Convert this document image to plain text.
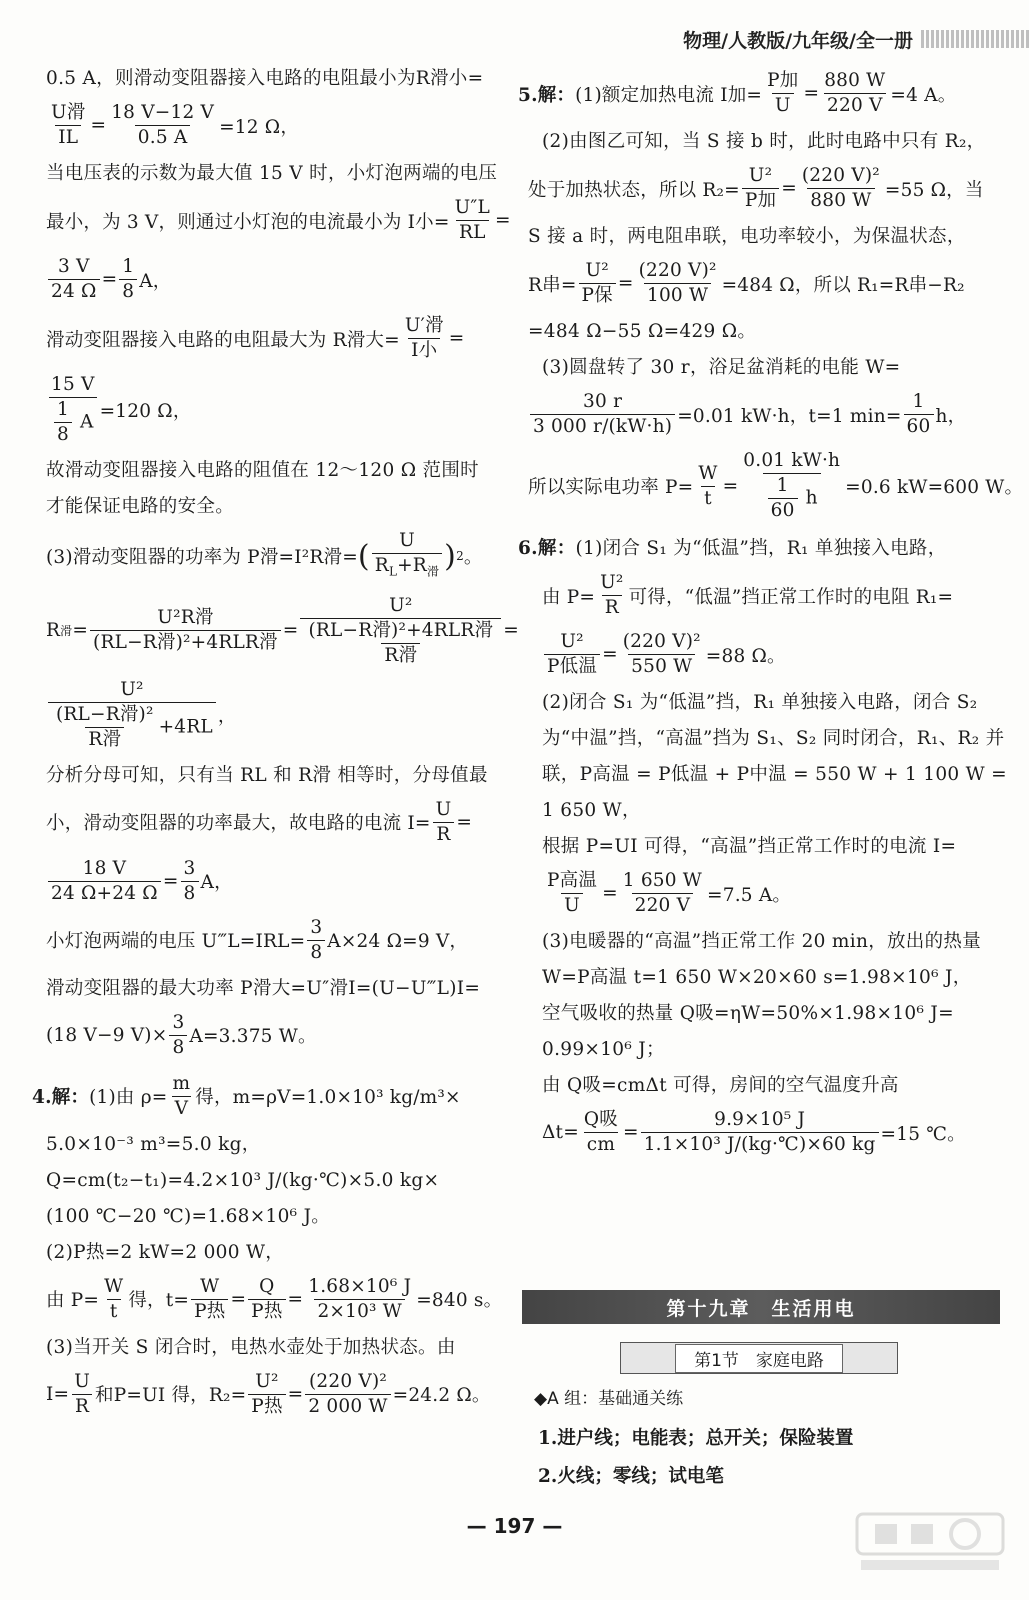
物理/人教版/九年级/全一册
0.5 A，则滑动变阻器接入电路的电阻最小为R滑小=
$\frac{\text{U滑}}{IL} = \frac{18 V-12 V}{0.5 A} =12$ Ω，
当电压表的示数为最大值 15 V 时，小灯泡两端的电压
最小，为 3 V，则通过小灯泡的电流最小为 I小= $\frac{U''L}{RL}$ =
$\frac{3 V}{24 \Omega} = \frac{1}{8}$ A，
滑动变阻器接入电路的电阻最大为 R滑大= $\frac{\text{U′滑}}{\text{I小}}$ =
$\frac{15 V}{\frac{1}{8} A} =120$ Ω，
故滑动变阻器接入电路的阻值在 12～120 Ω 范围时
才能保证电路的安全。
(3)滑动变阻器的功率为 P滑=I²R滑= ( $\frac{U}{R_L+R_滑}$ ) 2 。
R 滑 = $\frac{\text{U²R滑}}{\text{(RL−R滑)²+4RLR滑}} = \frac{\text{U²}}{\frac{\text{(RL−R滑)²+4RLR滑}}{\text{R滑}}}$ =
$\frac{\text{U²}}{\frac{\text{(RL−R滑)²}}{\text{R滑}} +4RL}$ ，
分析分母可知，只有当 RL 和 R滑 相等时，分母值最
小，滑动变阻器的功率最大，故电路的电流 $I= \frac{U}{R}$ =
$\frac{18 V}{24 \Omega+24 \Omega} = \frac{3}{8}$ A，
小灯泡两端的电压 U‴L=IRL= $\frac{3}{8} A\times 24$ Ω=9 V，
滑动变阻器的最大功率 P滑大=U″滑I=(U−U‴L)I=
(18 V−9 $V)\times \frac{3}{8} A=3.375$ W。
4.解： (1)由 $\rho= \frac{m}{V}$ 得，m=ρV=1.0×10³ kg/m³×
5.0×10⁻³ m³=5.0 kg，
Q=cm(t₂−t₁)=4.2×10³ J/(kg·℃)×5.0 kg×
(100 ℃−20 ℃)=1.68×10⁶ J。
(2)P热=2 kW=2 000 W，
由 $P= \frac{W}{t}$ 得，$t= \frac{W}{\text{P热}} = \frac{Q}{\text{P热}} = \frac{\text{1.68×10⁶ J}}{\text{2×10³ W}} =840$ s。
(3)当开关 S 闭合时，电热水壶处于加热状态。由
$I= \frac{U}{R}$ 和P=UI 得，$R_2= \frac{\text{U²}}{\text{P热}} = \frac{\text{(220 V)²}}{2 000 W} =24.2$ Ω。
5.解： (1)额定加热电流 I加= $\frac{\text{P加}}{U} = \frac{880 W}{220 V} =4$ A。
(2)由图乙可知，当 S 接 b 时，此时电路中只有 R₂，
处于加热状态，所以 $R_2= \frac{\text{U²}}{\text{P加}} = \frac{\text{(220 V)²}}{880 W} =55$ Ω，当
S 接 a 时，两电阻串联，电功率较小，为保温状态，
R串= $\frac{\text{U²}}{\text{P保}} = \frac{\text{(220 V)²}}{100 W} =484$ Ω，所以 R₁=R串−R₂
=484 Ω−55 Ω=429 Ω。
(3)圆盘转了 30 r，浴足盆消耗的电能 W=
$\frac{30 r}{3 000 r/(kW\cdot h)} =0.01$ kW·h，t=1 $\min= \frac{1}{60}$ h，
所以实际电功率 $P= \frac{W}{t} = \frac{0.01 kW\cdot h}{\frac{1}{60} h} =0.6$ kW=600 W。
6.解：(1)闭合 S₁ 为“低温”挡，R₁ 单独接入电路，
由 $P= \frac{\text{U²}}{R}$ 可得，“低温”挡正常工作时的电阻 R₁=
$\frac{\text{U²}}{\text{P低温}} = \frac{\text{(220 V)²}}{550 W} =88$ Ω。
(2)闭合 S₁ 为“低温”挡，R₁ 单独接入电路，闭合 S₂
为“中温”挡，“高温”挡为 S₁、S₂ 同时闭合，R₁、R₂ 并
联，P高温 = P低温 + P中温 = 550 W + 1 100 W =
1 650 W，
根据 P=UI 可得，“高温”挡正常工作时的电流 I=
$\frac{\text{P高温}}{U} = \frac{1 650 W}{220 V} =7.5$ A。
(3)电暖器的“高温”挡正常工作 20 min，放出的热量
W=P高温 t=1 650 W×20×60 s=1.98×10⁶ J，
空气吸收的热量 Q吸=ηW=50%×1.98×10⁶ J=
0.99×10⁶ J；
由 Q吸=cmΔt 可得，房间的空气温度升高
$\Delta t= \frac{\text{Q吸}}{cm} = \frac{\text{9.9×10⁵ J}}{\text{1.1×10³ J/(kg·℃)×60 kg}} =15$ ℃。
第十九章　生活用电
第1节　家庭电路
◆A 组：基础通关练
1.进户线；电能表；总开关；保险装置
2.火线；零线；试电笔
— 197 —
